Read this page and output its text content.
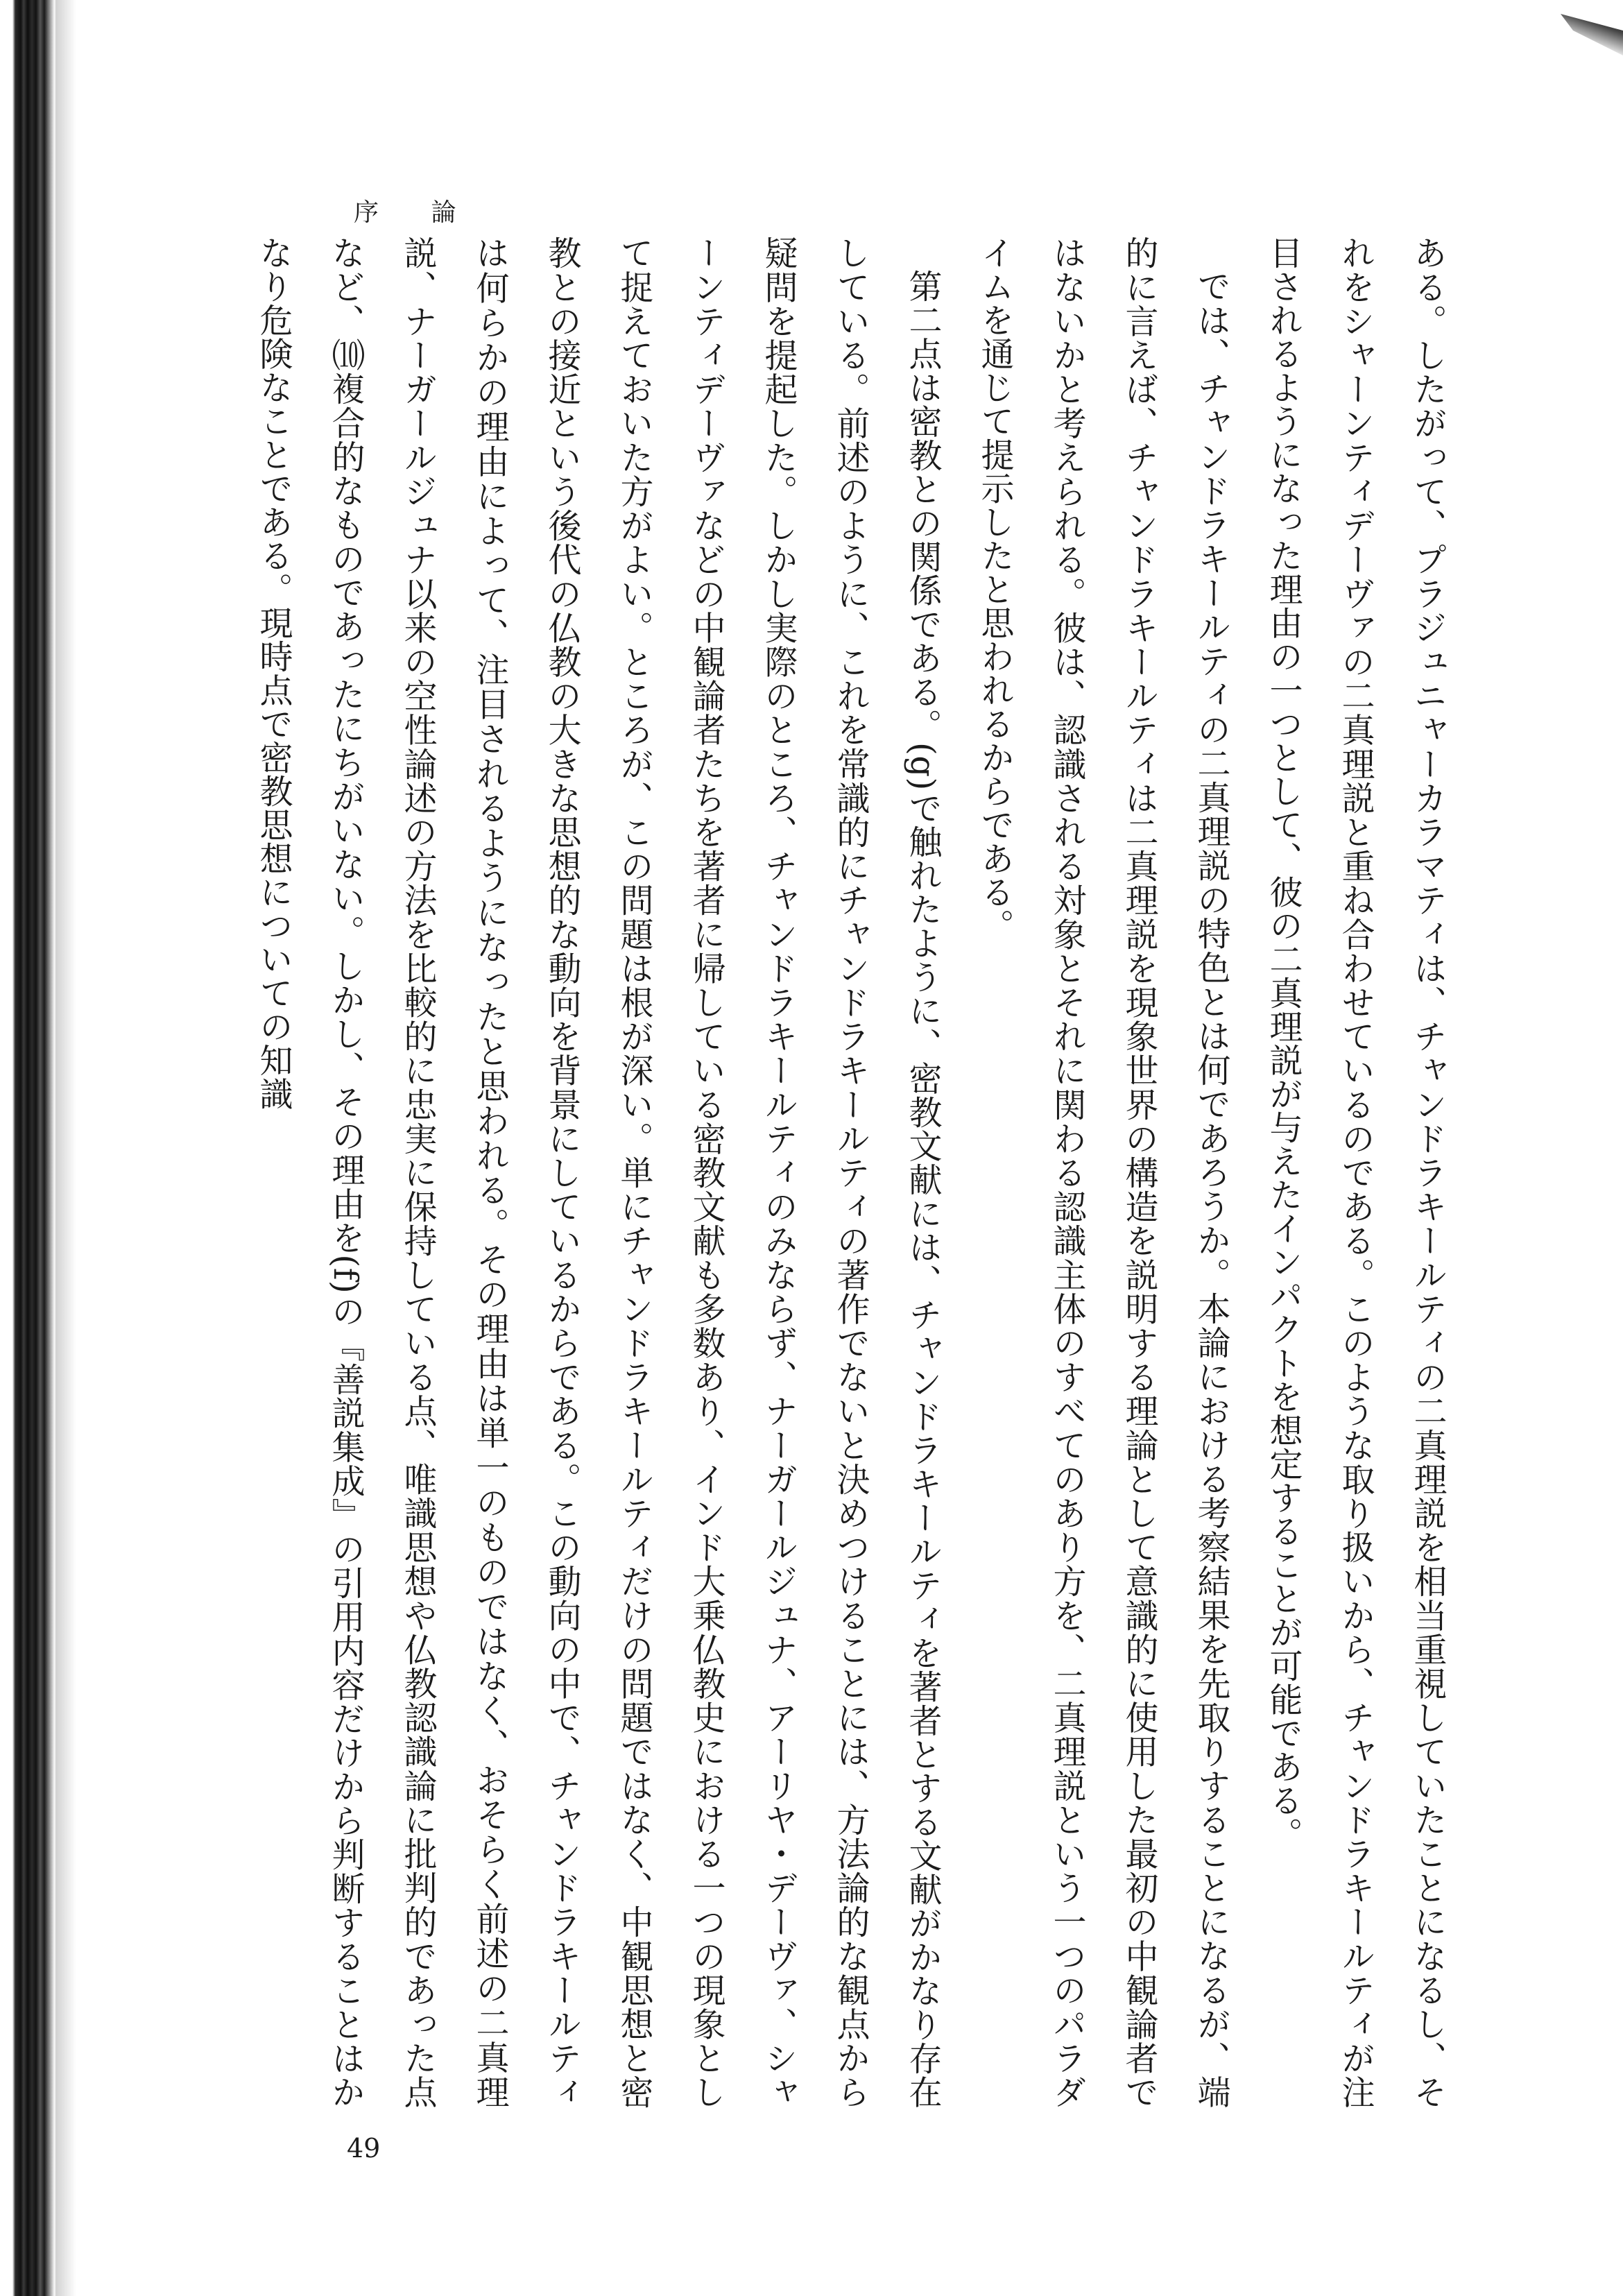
序 論

ある。したがって、プラジュニャーカラマティは、チャンドラキールティの二真理説を相当重視していたことになるし、それをシャーンティデーヴァの二真理説と重ね合わせているのである。このような取り扱いから、チャンドラキールティが注目されるようになった理由の一つとして、彼の二真理説が与えたインパクトを想定することが可能である。

では、チャンドラキールティの二真理説の特色とは何であろうか。本論における考察結果を先取りすることになるが、端的に言えば、チャンドラキールティは二真理説を現象世界の構造を説明する理論として意識的に使用した最初の中観論者ではないかと考えられる。彼は、認識される対象とそれに関わる認識主体のすべてのあり方を、二真理説という一つのパラダイムを通じて提示したと思われるからである。

第二点は密教との関係である。(g)で触れたように、密教文献には、チャンドラキールティを著者とする文献がかなり存在している。前述のように、これを常識的にチャンドラキールティの著作でないと決めつけることには、方法論的な観点から疑問を提起した。しかし実際のところ、チャンドラキールティのみならず、ナーガールジュナ、アーリヤ・デーヴァ、シャーンティデーヴァなどの中観論者たちを著者に帰している密教文献も多数あり、インド大乗仏教史における一つの現象として捉えておいた方がよい。ところが、この問題は根が深い。単にチャンドラキールティだけの問題ではなく、中観思想と密教との接近という後代の仏教の大きな思想的な動向を背景にしているからである。この動向の中で、チャンドラキールティは何らかの理由によって、注目されるようになったと思われる。その理由は単一のものではなく、おそらく前述の二真理説、ナーガールジュナ以来の空性論述の方法を比較的に忠実に保持している点、唯識思想や仏教認識論に批判的であった点など、⑽複合的なものであったにちがいない。しかし、その理由を(f)の『善説集成』の引用内容だけから判断することはかなり危険なことである。現時点で密教思想についての知識

49
